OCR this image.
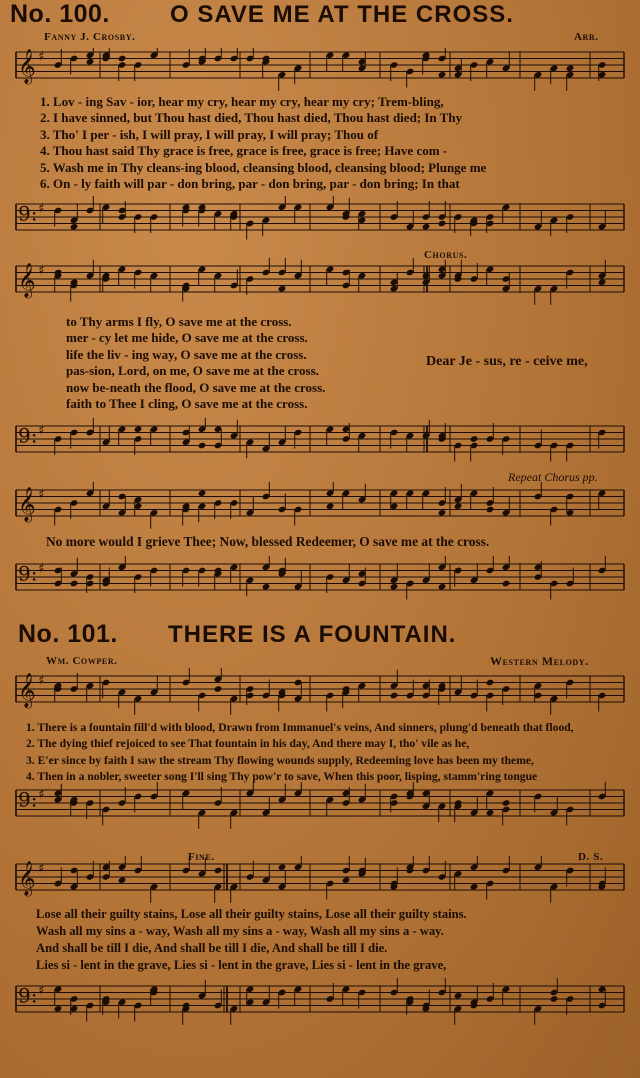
No. 100.	O SAVE ME AT THE CROSS.
Fanny J. Crosby.	Arr.
𝄞 ♯
1. Lov - ing Sav - ior, hear my cry, hear my cry, hear my cry; Trem-bling,
2. I have sinned, but Thou hast died, Thou hast died, Thou hast died; In Thy
3. Tho' I per - ish, I will pray, I will pray, I will pray; Thou of
4. Thou hast said Thy grace is free, grace is free, grace is free; Have com -
5. Wash me in Thy cleans-ing blood, cleansing blood, cleansing blood; Plunge me
6. On - ly faith will par - don bring, par - don bring, par - don bring; In that
9: ♯
Chorus.
𝄞 ♯
to Thy arms I fly, O save me at the cross.
mer - cy let me hide, O save me at the cross.
life the liv - ing way, O save me at the cross.
pas-sion, Lord, on me, O save me at the cross.
now be-neath the flood, O save me at the cross.
faith to Thee I cling, O save me at the cross.
Dear Je - sus, re - ceive me,
9: ♯
Repeat Chorus pp.
𝄞 ♯
No more would I grieve Thee; Now, blessed Redeemer, O save me at the cross.
9: ♯
No. 101. THERE IS A FOUNTAIN.
Wm. Cowper.	Western Melody.
𝄞 ♯
1. There is a fountain fill'd with blood, Drawn from Immanuel's veins, And sinners, plung'd beneath that flood,
2. The dying thief rejoiced to see That fountain in his day, And there may I, tho' vile as he,
3. E'er since by faith I saw the stream Thy flowing wounds supply, Redeeming love has been my theme,
4. Then in a nobler, sweeter song I'll sing Thy pow'r to save, When this poor, lisping, stamm'ring tongue
9: ♯
Fine.	D. S.
𝄞 ♯
Lose all their guilty stains, Lose all their guilty stains, Lose all their guilty stains.
Wash all my sins a - way, Wash all my sins a - way, Wash all my sins a - way.
And shall be till I die, And shall be till I die, And shall be till I die.
Lies si - lent in the grave, Lies si - lent in the grave, Lies si - lent in the grave,
9: ♯
